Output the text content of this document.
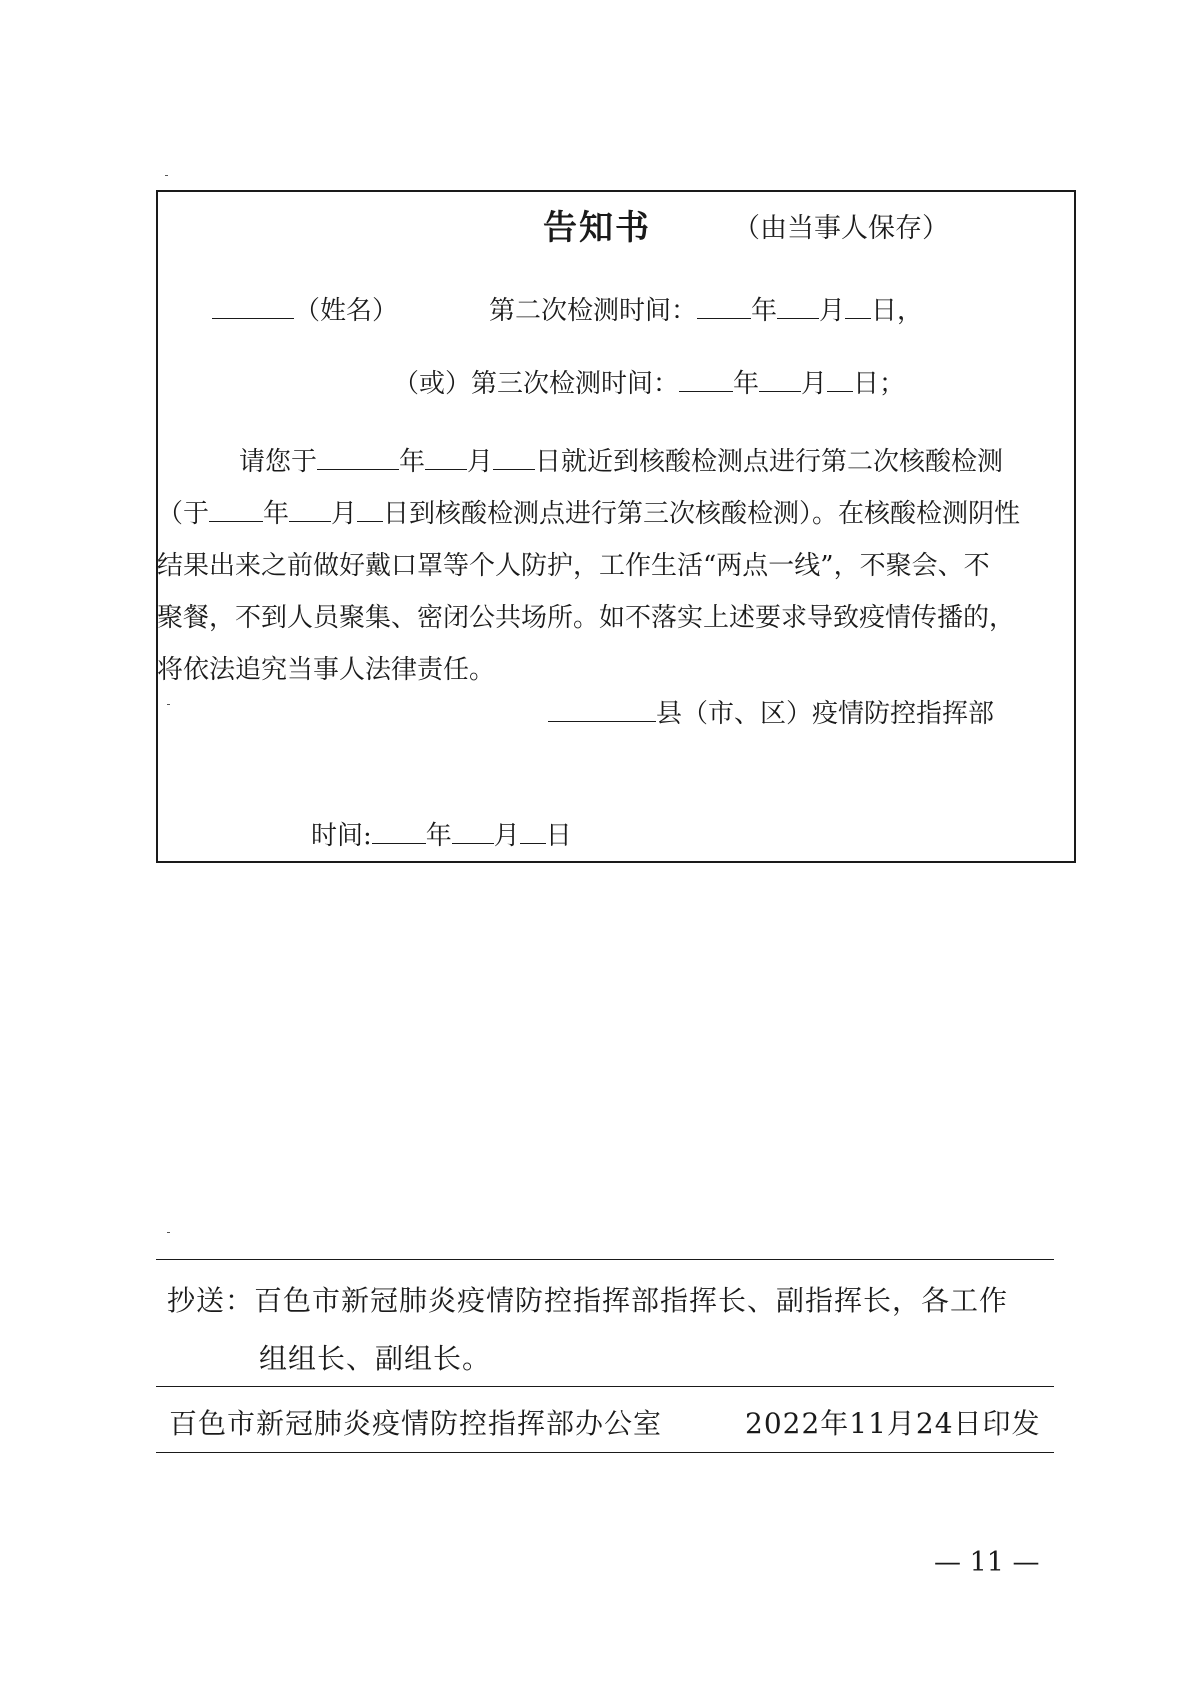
告知书	（由当事人保存）
（姓名）	第二次检测时间： 年 月 日，
（或）第三次检测时间： 年 月 日；

请您于	年 月 日就近到核酸检测点进行第二次核酸检测

（于 年 月 日到核酸检测点进行第三次核酸检测）。在核酸检测阴性

结果出来之前做好戴口罩等个人防护，工作生活“两点一线”，不聚会、不

聚餐，不到人员聚集、密闭公共场所。如不落实上述要求导致疫情传播的，

将依法追究当事人法律责任。

县（市、区）疫情防控指挥部
时间: 年 月 日
抄送：百色市新冠肺炎疫情防控指挥部指挥长、副指挥长，各工作
组组长、副组长。
百色市新冠肺炎疫情防控指挥部办公室	2022年11月24日印发
— 11 —
